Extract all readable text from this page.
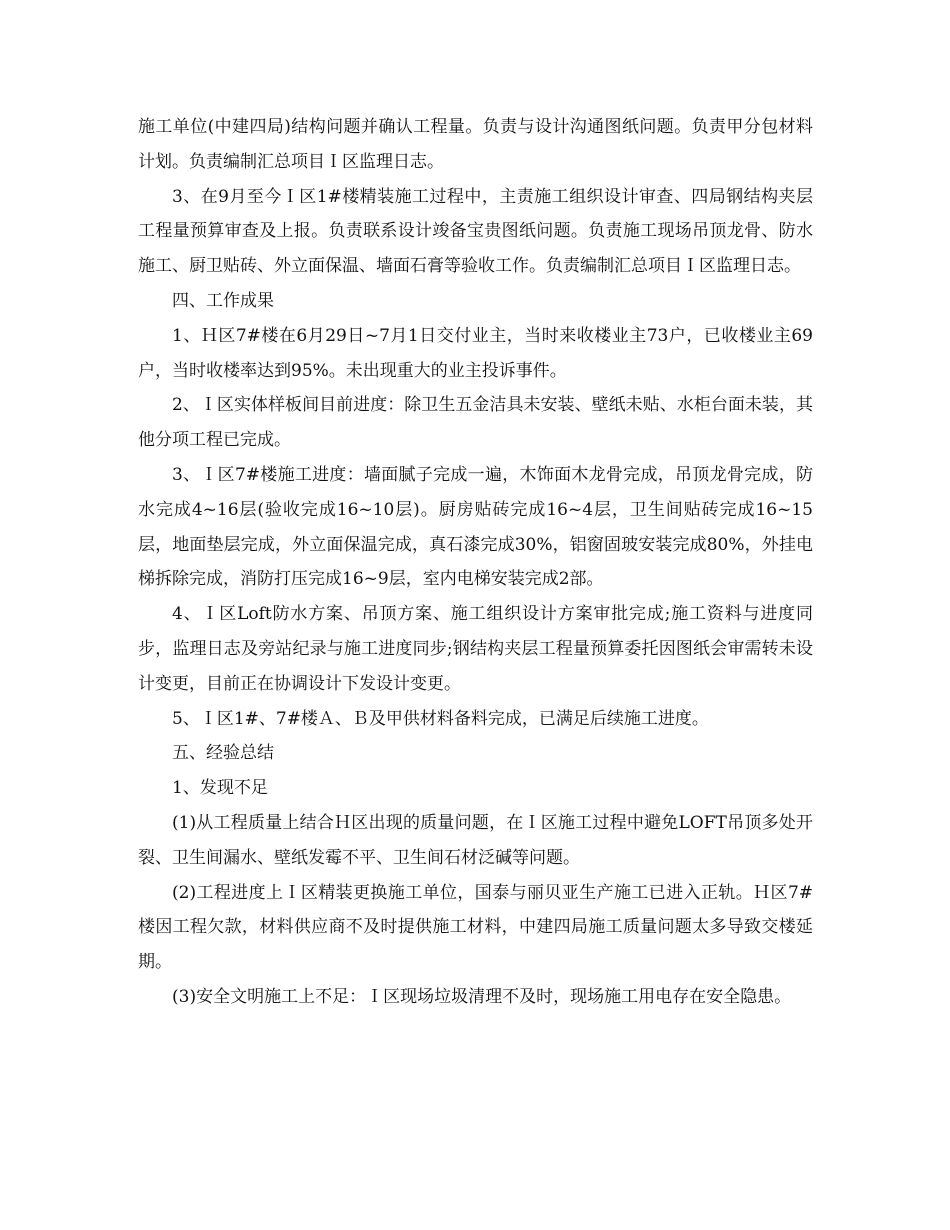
施工单位(中建四局)结构问题并确认工程量。负责与设计沟通图纸问题。负责甲分包材料计划。负责编制汇总项目Ｉ区监理日志。

3、在9月至今Ｉ区1#楼精装施工过程中，主责施工组织设计审查、四局钢结构夹层工程量预算审查及上报。负责联系设计竣备宝贵图纸问题。负责施工现场吊顶龙骨、防水施工、厨卫贴砖、外立面保温、墙面石膏等验收工作。负责编制汇总项目Ｉ区监理日志。

四、工作成果

1、Ｈ区7#楼在6月29日~7月1日交付业主，当时来收楼业主73户，已收楼业主69户，当时收楼率达到95%。未出现重大的业主投诉事件。

2、Ｉ区实体样板间目前进度：除卫生五金洁具未安装、壁纸未贴、水柜台面未装，其他分项工程已完成。

3、Ｉ区7#楼施工进度：墙面腻子完成一遍，木饰面木龙骨完成，吊顶龙骨完成，防水完成4~16层(验收完成16~10层)。厨房贴砖完成16~4层，卫生间贴砖完成16~15层，地面垫层完成，外立面保温完成，真石漆完成30%，铝窗固玻安装完成80%，外挂电梯拆除完成，消防打压完成16~9层，室内电梯安装完成2部。

4、Ｉ区Loft防水方案、吊顶方案、施工组织设计方案审批完成;施工资料与进度同步，监理日志及旁站纪录与施工进度同步;钢结构夹层工程量预算委托因图纸会审需转未设计变更，目前正在协调设计下发设计变更。

5、Ｉ区1#、7#楼Ａ、Ｂ及甲供材料备料完成，已满足后续施工进度。

五、经验总结

1、发现不足

(1)从工程质量上结合Ｈ区出现的质量问题，在Ｉ区施工过程中避免LOFT吊顶多处开裂、卫生间漏水、壁纸发霉不平、卫生间石材泛碱等问题。

(2)工程进度上Ｉ区精装更换施工单位，国泰与丽贝亚生产施工已进入正轨。Ｈ区7#楼因工程欠款，材料供应商不及时提供施工材料，中建四局施工质量问题太多导致交楼延期。

(3)安全文明施工上不足：Ｉ区现场垃圾清理不及时，现场施工用电存在安全隐患。
